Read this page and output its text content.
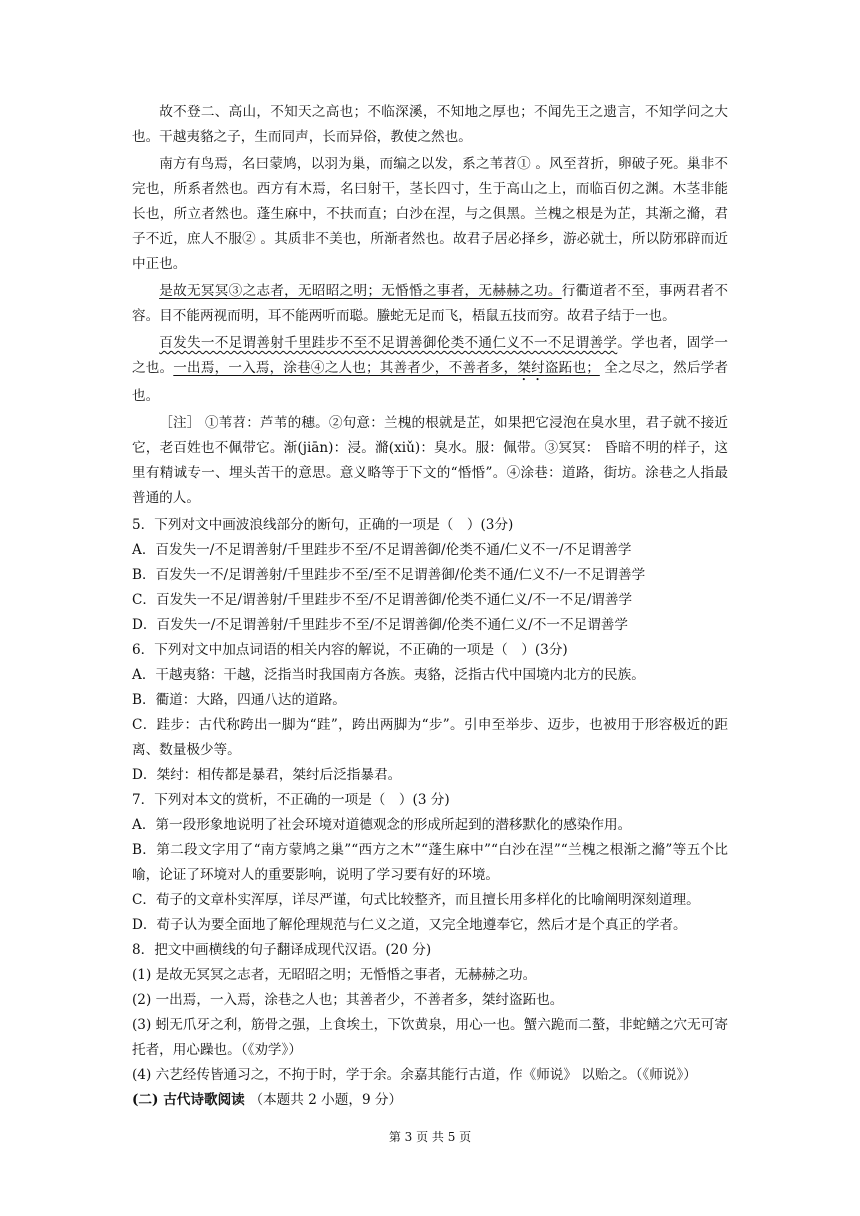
故不登二、高山，不知天之高也；不临深溪，不知地之厚也；不闻先王之遗言，不知学问之大也。干越夷貉之子，生而同声，长而异俗，教使之然也。

南方有鸟焉，名曰蒙鸠，以羽为巢，而编之以发，系之苇苕① 。风至苕折，卵破子死。巢非不完也，所系者然也。西方有木焉，名曰射干，茎长四寸，生于高山之上，而临百仞之渊。木茎非能长也，所立者然也。蓬生麻中，不扶而直；白沙在涅，与之俱黑。兰槐之根是为芷，其渐之滫，君子不近，庶人不服② 。其质非不美也，所渐者然也。故君子居必择乡，游必就士，所以防邪辟而近中正也。

是故无冥冥③之志者，无昭昭之明；无惛惛之事者，无赫赫之功。行衢道者不至，事两君者不容。目不能两视而明，耳不能两听而聪。螣蛇无足而飞，梧鼠五技而穷。故君子结于一也。

百发失一不足谓善射千里跬步不至不足谓善御伦类不通仁义不一不足谓善学。学也者，固学一之也。一出焉，一入焉，涂巷④之人也；其善者少，不善者多，桀纣盗跖也； 全之尽之，然后学者也。

［注］ ①苇苕：芦苇的穗。②句意：兰槐的根就是芷，如果把它浸泡在臭水里，君子就不接近它，老百姓也不佩带它。渐(jiān)：浸。滫(xiǔ)：臭水。服：佩带。③冥冥： 昏暗不明的样子，这里有精诚专一、埋头苦干的意思。意义略等于下文的“惛惛”。④涂巷：道路，街坊。涂巷之人指最普通的人。

5．下列对文中画波浪线部分的断句，正确的一项是（　）(3分)

A．百发失一/不足谓善射/千里跬步不至/不足谓善御/伦类不通/仁义不一/不足谓善学

B．百发失一不/足谓善射/千里跬步不至/至不足谓善御/伦类不通/仁义不/一不足谓善学

C．百发失一不足/谓善射/千里跬步不至/不足谓善御/伦类不通仁义/不一不足/谓善学

D．百发失一/不足谓善射/千里跬步不至/不足谓善御/伦类不通仁义/不一不足谓善学

6．下列对文中加点词语的相关内容的解说，不正确的一项是（　）(3分)

A．干越夷貉：干越，泛指当时我国南方各族。夷貉，泛指古代中国境内北方的民族。

B．衢道：大路，四通八达的道路。

C．跬步：古代称跨出一脚为“跬”，跨出两脚为“步”。引申至举步、迈步，也被用于形容极近的距离、数量极少等。

D．桀纣：相传都是暴君，桀纣后泛指暴君。

7．下列对本文的赏析，不正确的一项是（　）(3 分)

A．第一段形象地说明了社会环境对道德观念的形成所起到的潜移默化的感染作用。

B．第二段文字用了“南方蒙鸠之巢”“西方之木”“蓬生麻中”“白沙在涅”“兰槐之根渐之滫”等五个比喻，论证了环境对人的重要影响，说明了学习要有好的环境。

C．荀子的文章朴实浑厚，详尽严谨，句式比较整齐，而且擅长用多样化的比喻阐明深刻道理。

D．荀子认为要全面地了解伦理规范与仁义之道，又完全地遵奉它，然后才是个真正的学者。

8．把文中画横线的句子翻译成现代汉语。(20 分)

(1) 是故无冥冥之志者，无昭昭之明；无惛惛之事者，无赫赫之功。

(2) 一出焉，一入焉，涂巷之人也；其善者少，不善者多，桀纣盗跖也。

(3) 蚓无爪牙之利，筋骨之强，上食埃土，下饮黄泉，用心一也。蟹六跪而二螯，非蛇鳝之穴无可寄托者，用心躁也。（《劝学》）

(4) 六艺经传皆通习之，不拘于时，学于余。余嘉其能行古道，作《师说》 以贻之。（《师说》）

(二) 古代诗歌阅读 （本题共 2 小题，9 分）

第 3 页 共 5 页
